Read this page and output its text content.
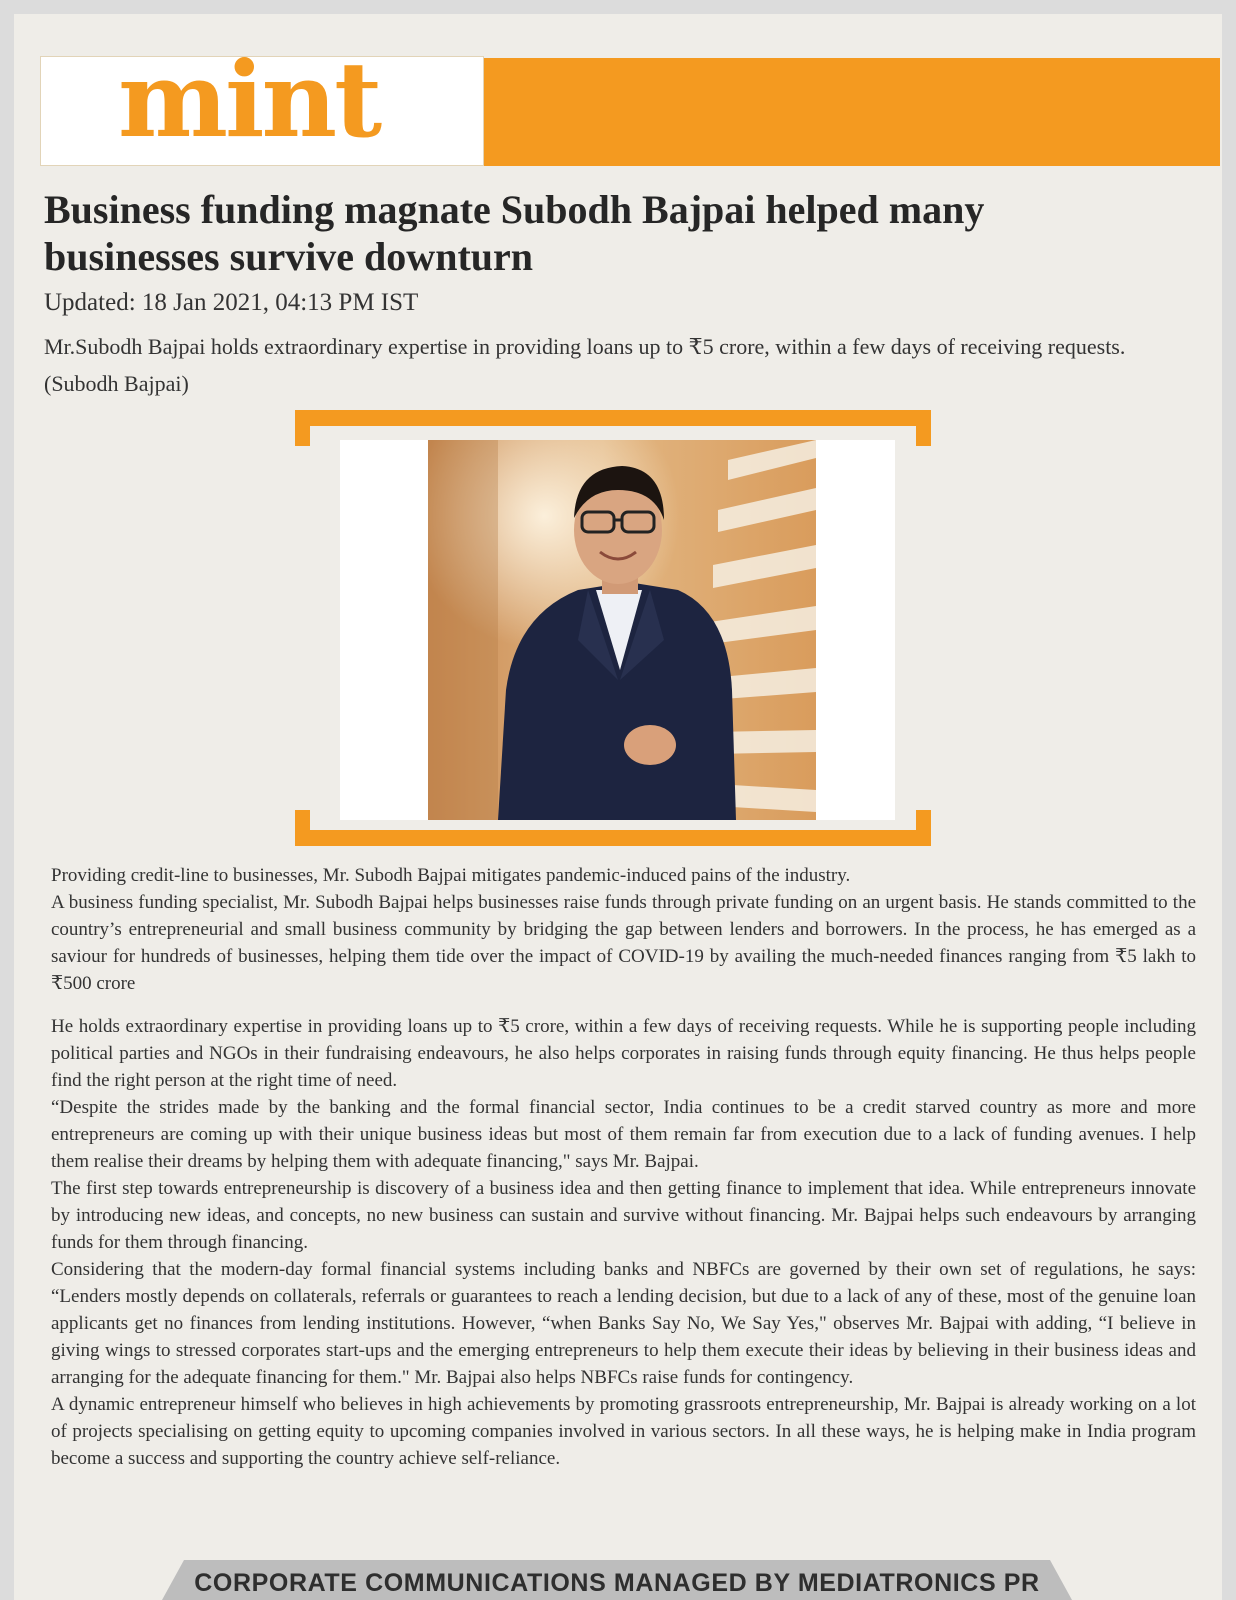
mint
Business funding magnate Subodh Bajpai helped many businesses survive downturn

Updated: 18 Jan 2021, 04:13 PM IST

Mr.Subodh Bajpai holds extraordinary expertise in providing loans up to ₹5 crore, within a few days of receiving requests. (Subodh Bajpai)

Providing credit-line to businesses, Mr. Subodh Bajpai mitigates pandemic-induced pains of the industry.

A business funding specialist, Mr. Subodh Bajpai helps businesses raise funds through private funding on an urgent basis. He stands committed to the country’s entrepreneurial and small business community by bridging the gap between lenders and borrowers. In the process, he has emerged as a saviour for hundreds of businesses, helping them tide over the impact of COVID-19 by availing the much-needed finances ranging from ₹5 lakh to ₹500 crore

He holds extraordinary expertise in providing loans up to ₹5 crore, within a few days of receiving requests. While he is supporting people including political parties and NGOs in their fundraising endeavours, he also helps corporates in raising funds through equity financing. He thus helps people find the right person at the right time of need.

“Despite the strides made by the banking and the formal financial sector, India continues to be a credit starved country as more and more entrepreneurs are coming up with their unique business ideas but most of them remain far from execution due to a lack of funding avenues. I help them realise their dreams by helping them with adequate financing," says Mr. Bajpai.

The first step towards entrepreneurship is discovery of a business idea and then getting finance to implement that idea. While entrepreneurs innovate by introducing new ideas, and concepts, no new business can sustain and survive without financing. Mr. Bajpai helps such endeavours by arranging funds for them through financing.

Considering that the modern-day formal financial systems including banks and NBFCs are governed by their own set of regulations, he says: “Lenders mostly depends on collaterals, referrals or guarantees to reach a lending decision, but due to a lack of any of these, most of the genuine loan applicants get no finances from lending institutions. However, “when Banks Say No, We Say Yes," observes Mr. Bajpai with adding, “I believe in giving wings to stressed corporates start-ups and the emerging entrepreneurs to help them execute their ideas by believing in their business ideas and arranging for the adequate financing for them." Mr. Bajpai also helps NBFCs raise funds for contingency.

A dynamic entrepreneur himself who believes in high achievements by promoting grassroots entrepreneurship, Mr. Bajpai is already working on a lot of projects specialising on getting equity to upcoming companies involved in various sectors. In all these ways, he is helping make in India program become a success and supporting the country achieve self-reliance.

CORPORATE COMMUNICATIONS MANAGED BY MEDIATRONICS PR
